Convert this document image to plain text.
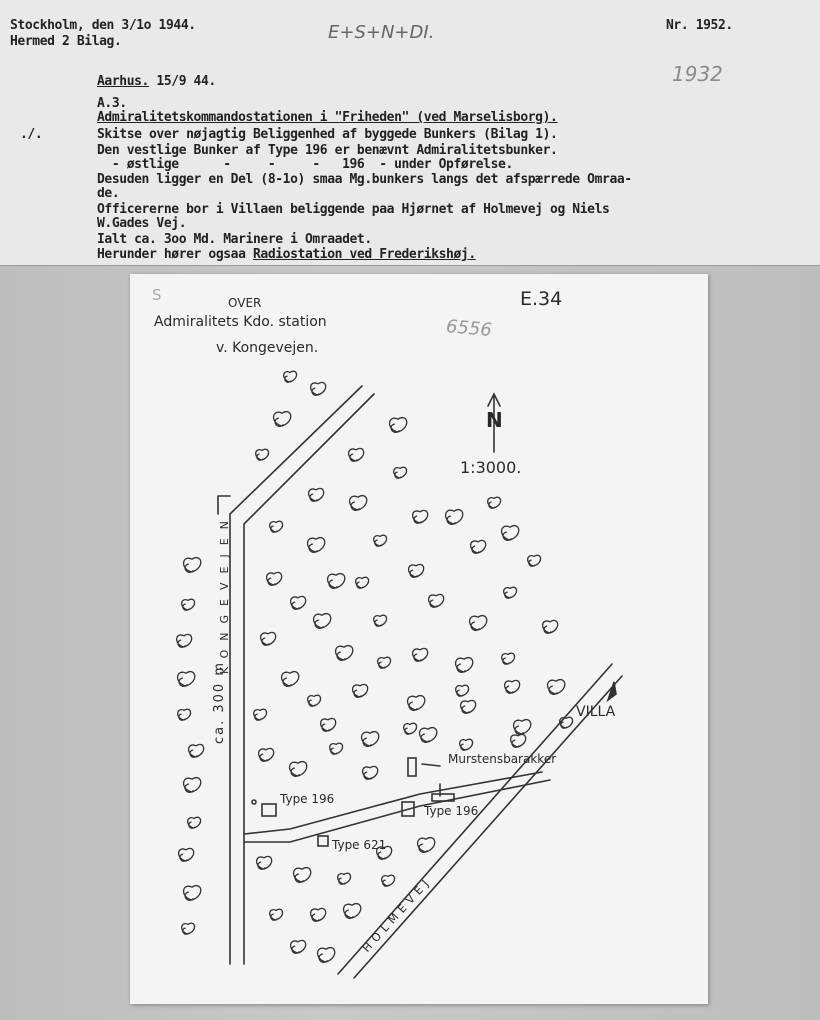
Stockholm, den 3/1o 1944.	Nr. 1952.
Hermed 2 Bilag.	E+S+N+DI.
1932
Aarhus. 15/9 44.
A.3.
Admiralitetskommandostationen i "Friheden" (ved Marselisborg).
./.	Skitse over nøjagtig Beliggenhed af byggede Bunkers (Bilag 1).
Den vestlige Bunker af Type 196 er benævnt Admiralitetsbunker.
- østlige      -     -     -   196  - under Opførelse.
Desuden ligger en Del (8-1o) smaa Mg.bunkers langs det afspærrede Omraa-
de.
Officererne bor i Villaen beliggende paa Hjørnet af Holmevej og Niels
W.Gades Vej.
Ialt ca. 3oo Md. Marinere i Omraadet.
Herunder hører ogsaa Radiostation ved Frederikshøj.
S	OVER
Admiralitets Kdo. station
v. Kongevejen.
E.34
6556
N
1:3000.
KONGEVEJEN
ca. 300 m
HOLMEVEJ
VILLA
Murstensbarakker
Type 196
Type 196
Type 621
